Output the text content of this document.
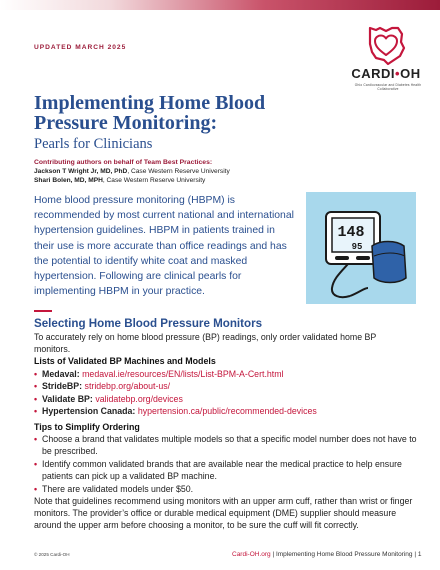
UPDATED MARCH 2025
CARDI•OH
Ohio Cardiovascular and Diabetes Health Collaborative
Implementing Home Blood
Pressure Monitoring:
Pearls for Clinicians
Contributing authors on behalf of Team Best Practices:
Jackson T Wright Jr, MD, PhD, Case Western Reserve University
Shari Bolen, MD, MPH, Case Western Reserve University
Home blood pressure monitoring (HBPM) is recommended by most current national and international hypertension guidelines. HBPM in patients trained in their use is more accurate than office readings and has the potential to identify white coat and masked hypertension. Following are clinical pearls for implementing HBPM in your practice.
148
95
Selecting Home Blood Pressure Monitors
To accurately rely on home blood pressure (BP) readings, only order validated home BP monitors.
Lists of Validated BP Machines and Models
• Medaval: medaval.ie/resources/EN/lists/List-BPM-A-Cert.html
• StrideBP: stridebp.org/about-us/
• Validate BP: validatebp.org/devices
• Hypertension Canada: hypertension.ca/public/recommended-devices
Tips to Simplify Ordering
• Choose a brand that validates multiple models so that a specific model number does not have to be prescribed.
• Identify common validated brands that are available near the medical practice to help ensure patients can pick up a validated BP machine.
• There are validated models under $50.
Note that guidelines recommend using monitors with an upper arm cuff, rather than wrist or finger monitors. The provider’s office or durable medical equipment (DME) supplier should measure around the upper arm before choosing a monitor, to be sure the cuff will fit correctly.
© 2025 Cardi-OH	Cardi-OH.org | Implementing Home Blood Pressure Monitoring | 1
